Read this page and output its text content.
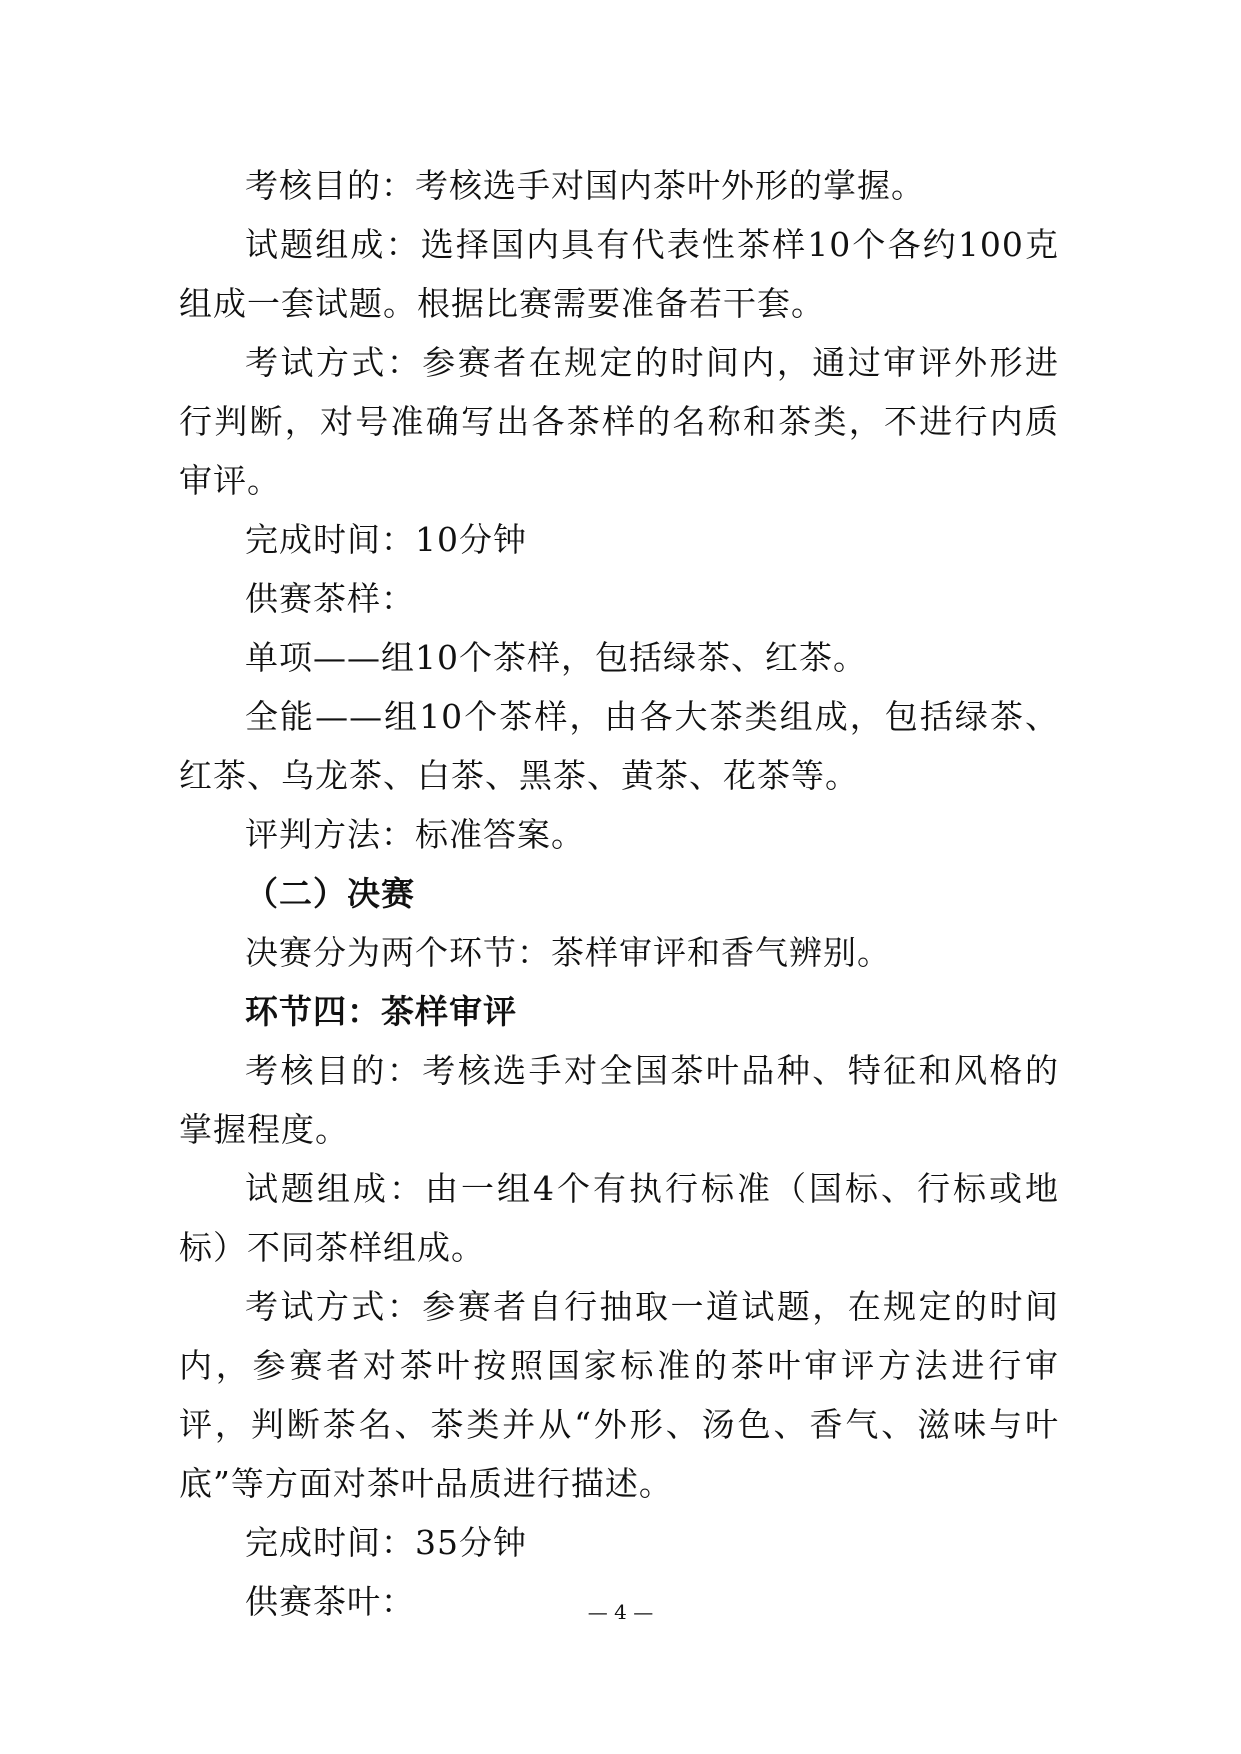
考核目的：考核选手对国内茶叶外形的掌握。

试题组成：选择国内具有代表性茶样10个各约100克组成一套试题。根据比赛需要准备若干套。

考试方式：参赛者在规定的时间内，通过审评外形进行判断，对号准确写出各茶样的名称和茶类，不进行内质审评。

完成时间：10分钟

供赛茶样：

单项——组10个茶样，包括绿茶、红茶。

全能——组10个茶样，由各大茶类组成，包括绿茶、红茶、乌龙茶、白茶、黑茶、黄茶、花茶等。

评判方法：标准答案。

（二）决赛

决赛分为两个环节：茶样审评和香气辨别。

环节四：茶样审评

考核目的：考核选手对全国茶叶品种、特征和风格的掌握程度。

试题组成：由一组4个有执行标准（国标、行标或地标）不同茶样组成。

考试方式：参赛者自行抽取一道试题，在规定的时间内，参赛者对茶叶按照国家标准的茶叶审评方法进行审评，判断茶名、茶类并从“外形、汤色、香气、滋味与叶底”等方面对茶叶品质进行描述。

完成时间：35分钟

供赛茶叶：	— 4 —
